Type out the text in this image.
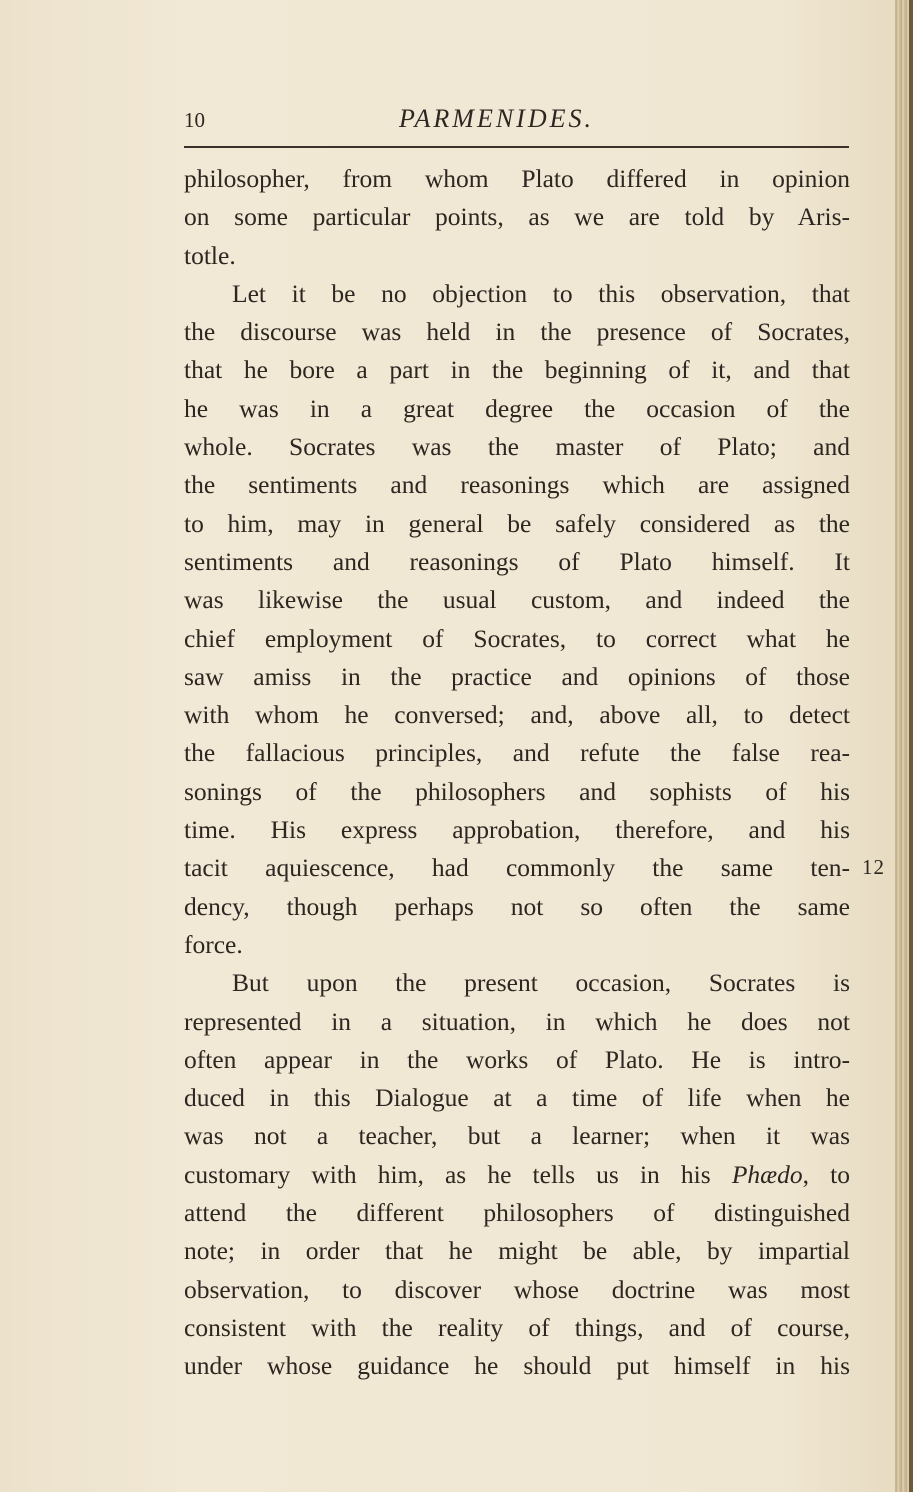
10	PARMENIDES.
philosopher, from whom Plato differed in opinion
on some particular points, as we are told by Aris-
totle.
Let it be no objection to this observation, that
the discourse was held in the presence of Socrates,
that he bore a part in the beginning of it, and that
he was in a great degree the occasion of the
whole. Socrates was the master of Plato; and
the sentiments and reasonings which are assigned
to him, may in general be safely considered as the
sentiments and reasonings of Plato himself. It
was likewise the usual custom, and indeed the
chief employment of Socrates, to correct what he
saw amiss in the practice and opinions of those
with whom he conversed; and, above all, to detect
the fallacious principles, and refute the false rea-
sonings of the philosophers and sophists of his
time. His express approbation, therefore, and his
tacit aquiescence, had commonly the same ten-
dency, though perhaps not so often the same
force.
But upon the present occasion, Socrates is
represented in a situation, in which he does not
often appear in the works of Plato. He is intro-
duced in this Dialogue at a time of life when he
was not a teacher, but a learner; when it was
customary with him, as he tells us in his Phædo, to
attend the different philosophers of distinguished
note; in order that he might be able, by impartial
observation, to discover whose doctrine was most
consistent with the reality of things, and of course,
under whose guidance he should put himself in his
12
